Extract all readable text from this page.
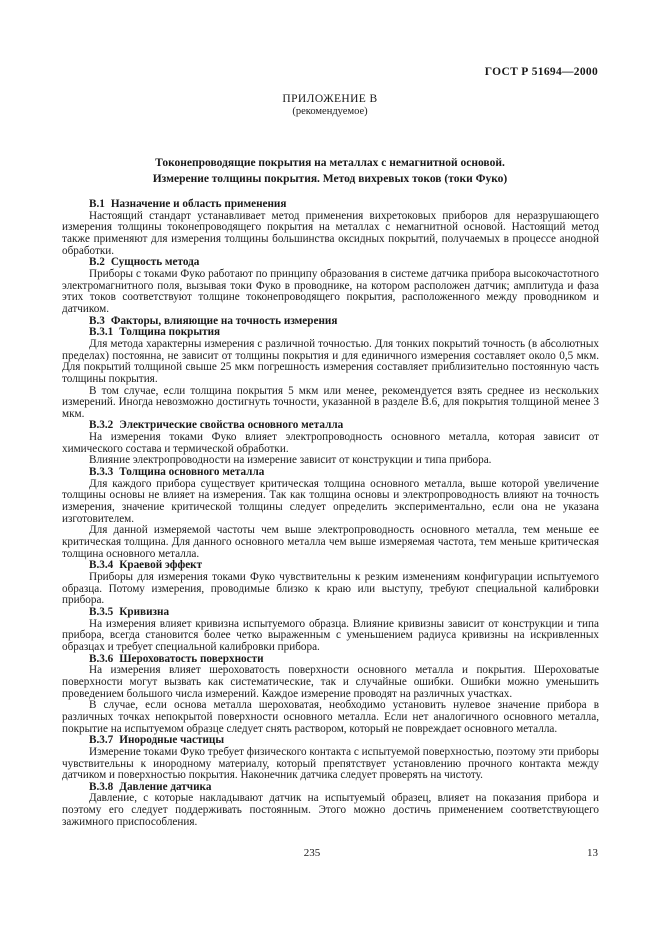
ГОСТ Р 51694—2000
ПРИЛОЖЕНИЕ В
(рекомендуемое)
Токонепроводящие покрытия на металлах с немагнитной основой.
Измерение толщины покрытия. Метод вихревых токов (токи Фуко)
В.1 Назначение и область применения
Настоящий стандарт устанавливает метод применения вихретоковых приборов для неразрушающего измерения толщины токонепроводящего покрытия на металлах с немагнитной основой. Настоящий метод также применяют для измерения толщины большинства оксидных покрытий, получаемых в процессе анодной обработки.
В.2 Сущность метода
Приборы с токами Фуко работают по принципу образования в системе датчика прибора высокочастотного электромагнитного поля, вызывая токи Фуко в проводнике, на котором расположен датчик; амплитуда и фаза этих токов соответствуют толщине токонепроводящего покрытия, расположенного между проводником и датчиком.
В.3 Факторы, влияющие на точность измерения
В.3.1 Толщина покрытия
Для метода характерны измерения с различной точностью. Для тонких покрытий точность (в абсолютных пределах) постоянна, не зависит от толщины покрытия и для единичного измерения составляет около 0,5 мкм. Для покрытий толщиной свыше 25 мкм погрешность измерения составляет приблизительно постоянную часть толщины покрытия.
В том случае, если толщина покрытия 5 мкм или менее, рекомендуется взять среднее из нескольких измерений. Иногда невозможно достигнуть точности, указанной в разделе В.6, для покрытия толщиной менее 3 мкм.
В.3.2 Электрические свойства основного металла
На измерения токами Фуко влияет электропроводность основного металла, которая зависит от химического состава и термической обработки.
Влияние электропроводности на измерение зависит от конструкции и типа прибора.
В.3.3 Толщина основного металла
Для каждого прибора существует критическая толщина основного металла, выше которой увеличение толщины основы не влияет на измерения. Так как толщина основы и электропроводность влияют на точность измерения, значение критической толщины следует определить экспериментально, если она не указана изготовителем.
Для данной измеряемой частоты чем выше электропроводность основного металла, тем меньше ее критическая толщина. Для данного основного металла чем выше измеряемая частота, тем меньше критическая толщина основного металла.
В.3.4 Краевой эффект
Приборы для измерения токами Фуко чувствительны к резким изменениям конфигурации испытуемого образца. Потому измерения, проводимые близко к краю или выступу, требуют специальной калибровки прибора.
В.3.5 Кривизна
На измерения влияет кривизна испытуемого образца. Влияние кривизны зависит от конструкции и типа прибора, всегда становится более четко выраженным с уменьшением радиуса кривизны на искривленных образцах и требует специальной калибровки прибора.
В.3.6 Шероховатость поверхности
На измерения влияет шероховатость поверхности основного металла и покрытия. Шероховатые поверхности могут вызвать как систематические, так и случайные ошибки. Ошибки можно уменьшить проведением большого числа измерений. Каждое измерение проводят на различных участках.
В случае, если основа металла шероховатая, необходимо установить нулевое значение прибора в различных точках непокрытой поверхности основного металла. Если нет аналогичного основного металла, покрытие на испытуемом образце следует снять раствором, который не повреждает основного металла.
В.3.7 Инородные частицы
Измерение токами Фуко требует физического контакта с испытуемой поверхностью, поэтому эти приборы чувствительны к инородному материалу, который препятствует установлению прочного контакта между датчиком и поверхностью покрытия. Наконечник датчика следует проверять на чистоту.
В.3.8 Давление датчика
Давление, с которые накладывают датчик на испытуемый образец, влияет на показания прибора и поэтому его следует поддерживать постоянным. Этого можно достичь применением соответствующего зажимного приспособления.
235	13
